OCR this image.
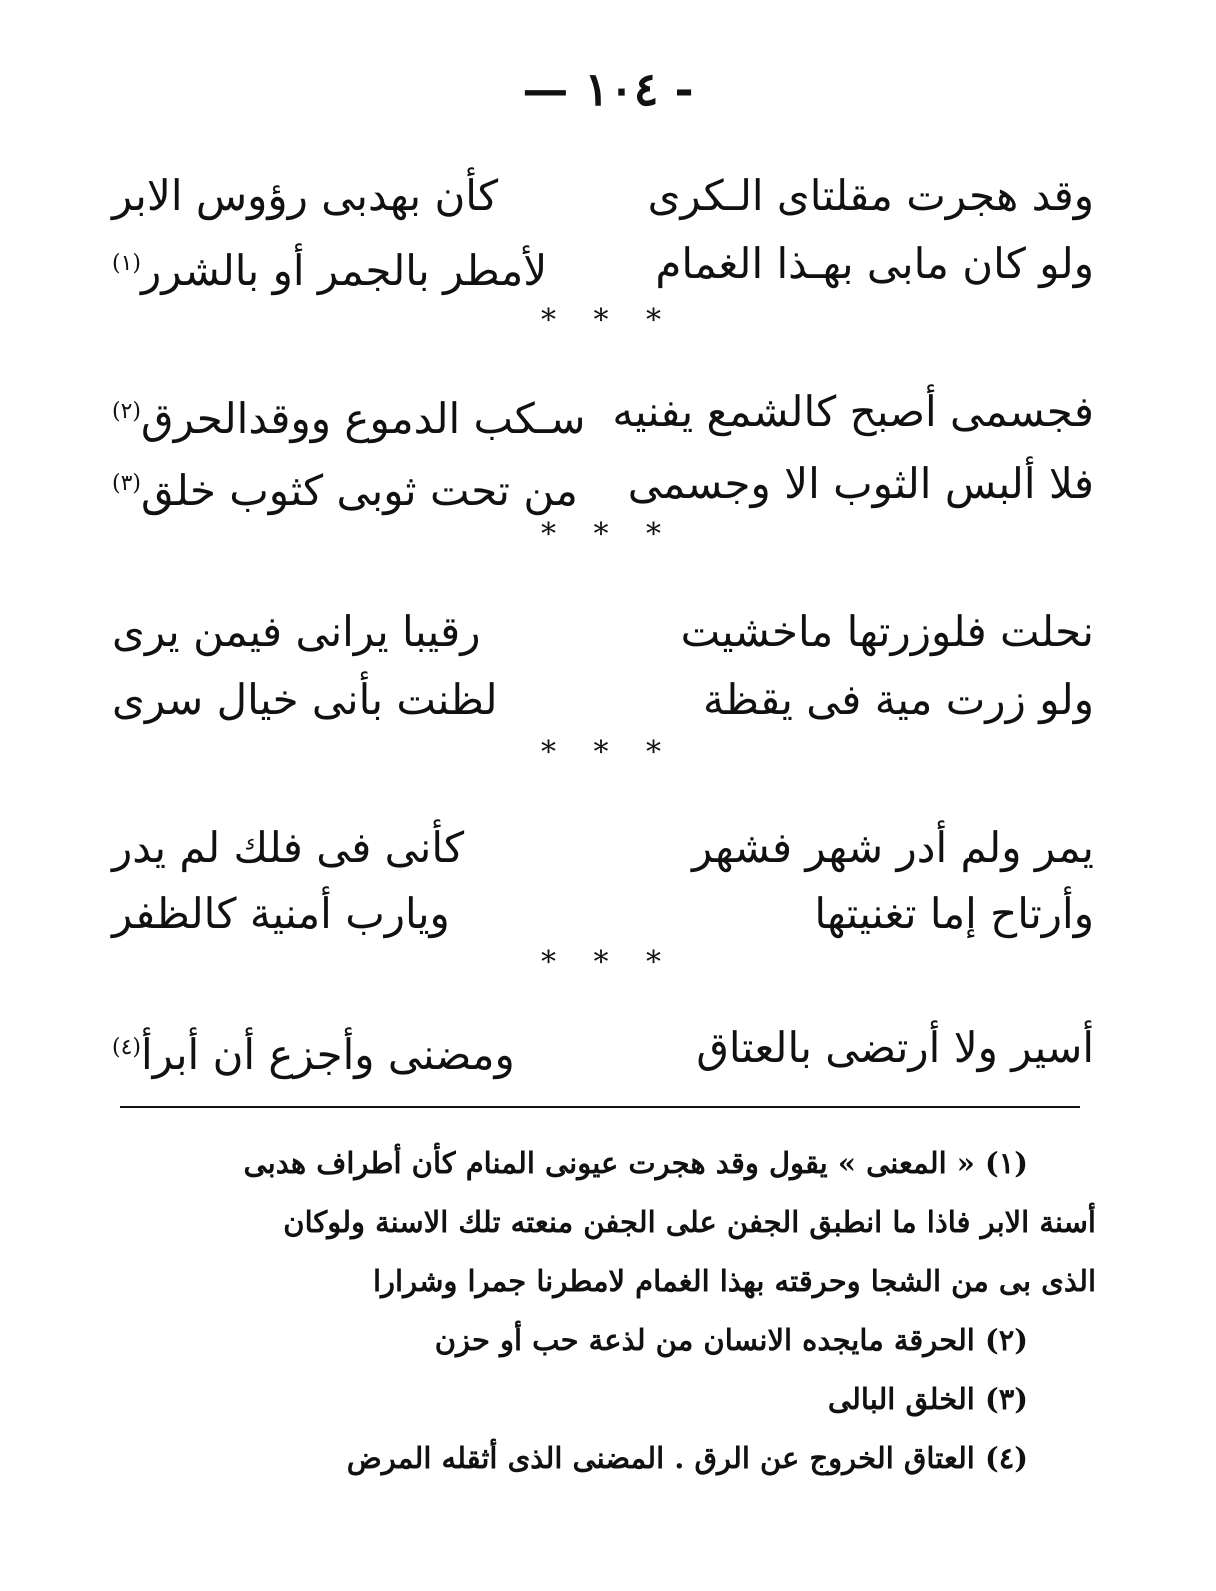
— ١٠٤ -
وقد هجرت مقلتاى الـكرى
كأن بهدبى رؤوس الابر
ولو كان مابى بهـذا الغمام
لأمطر بالجمر أو بالشرر$^{(١)}$
* * *
فجسمى أصبح كالشمع يفنيه
سـكب الدموع ووقدالحرق$^{(٢)}$
فلا ألبس الثوب الا وجسمى
من تحت ثوبى كثوب خلق$^{(٣)}$
* * *
نحلت فلوزرتها ماخشيت
رقيبا يرانى فيمن يرى
ولو زرت مية فى يقظة
لظنت بأنى خيال سرى
* * *
يمر ولم أدر شهر فشهر
كأنى فى فلك لم يدر
وأرتاح إما تغنيتها
ويارب أمنية كالظفر
* * *
أسير ولا أرتضى بالعتاق
ومضنى وأجزع أن أبرأ$^{(٤)}$
(١) « المعنى » يقول وقد هجرت عيونى المنام كأن أطراف هدبى
أسنة الابر فاذا ما انطبق الجفن على الجفن منعته تلك الاسنة ولوكان
الذى بى من الشجا وحرقته بهذا الغمام لامطرنا جمرا وشرارا
(٢) الحرقة مايجده الانسان من لذعة حب أو حزن
(٣) الخلق البالى
(٤) العتاق الخروج عن الرق . المضنى الذى أثقله المرض
